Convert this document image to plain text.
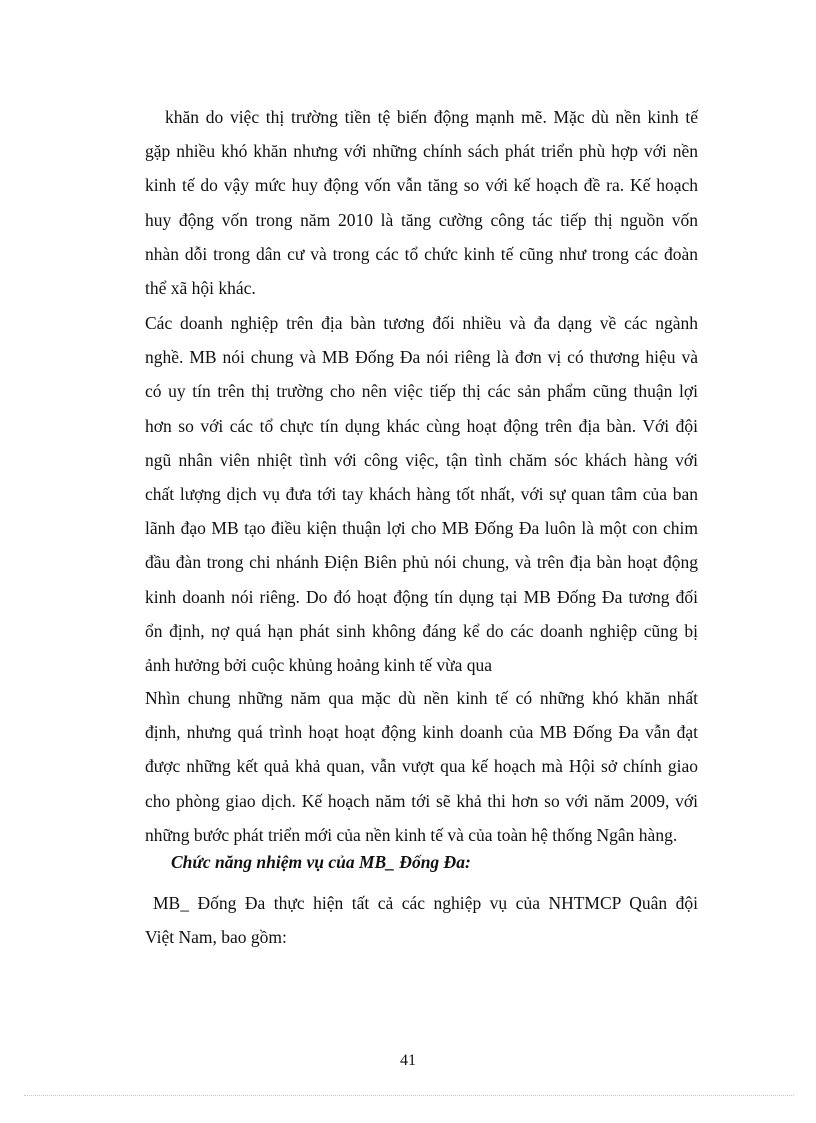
khăn do việc thị trường tiền tệ biến động mạnh mẽ. Mặc dù nền kinh tế
gặp nhiều khó khăn nhưng với những chính sách phát triển phù hợp với nền
kinh tế do vậy mức huy động vốn vẫn tăng so với kế hoạch đề ra. Kế hoạch
huy động vốn trong năm 2010 là tăng cường công tác tiếp thị nguồn vốn
nhàn dỗi trong dân cư và trong các tổ chức kinh tế cũng như trong các đoàn
thể xã hội khác.
Các doanh nghiệp trên địa bàn tương đối nhiều và đa dạng về các ngành
nghề. MB nói chung và MB Đống Đa nói riêng là đơn vị có thương hiệu và
có uy tín trên thị trường cho nên việc tiếp thị các sản phẩm cũng thuận lợi
hơn so với các tổ chực tín dụng khác cùng hoạt động trên địa bàn. Với đội
ngũ nhân viên nhiệt tình với công việc, tận tình chăm sóc khách hàng với
chất lượng dịch vụ đưa tới tay khách hàng tốt nhất, với sự quan tâm của ban
lãnh đạo MB tạo điều kiện thuận lợi cho MB Đống Đa luôn là một con chim
đầu đàn trong chi nhánh Điện Biên phủ nói chung, và trên địa bàn hoạt động
kinh doanh nói riêng. Do đó hoạt động tín dụng tại MB Đống Đa tương đối
ổn định, nợ quá hạn phát sinh không đáng kể do các doanh nghiệp cũng bị
ảnh hưởng bởi cuộc khủng hoảng kinh tế vừa qua
Nhìn chung những năm qua mặc dù nền kinh tế có những khó khăn nhất
định, nhưng quá trình hoạt hoạt động kinh doanh của MB Đống Đa vẫn đạt
được những kết quả khả quan, vẫn vượt qua kế hoạch mà Hội sở chính giao
cho phòng giao dịch. Kế hoạch năm tới sẽ khả thi hơn so với năm 2009, với
những bước phát triển mới của nền kinh tế và của toàn hệ thống Ngân hàng.
Chức năng nhiệm vụ của MB_ Đống Đa:
MB_ Đống Đa thực hiện tất cả các nghiệp vụ của NHTMCP Quân đội
Việt Nam, bao gồm:
41
